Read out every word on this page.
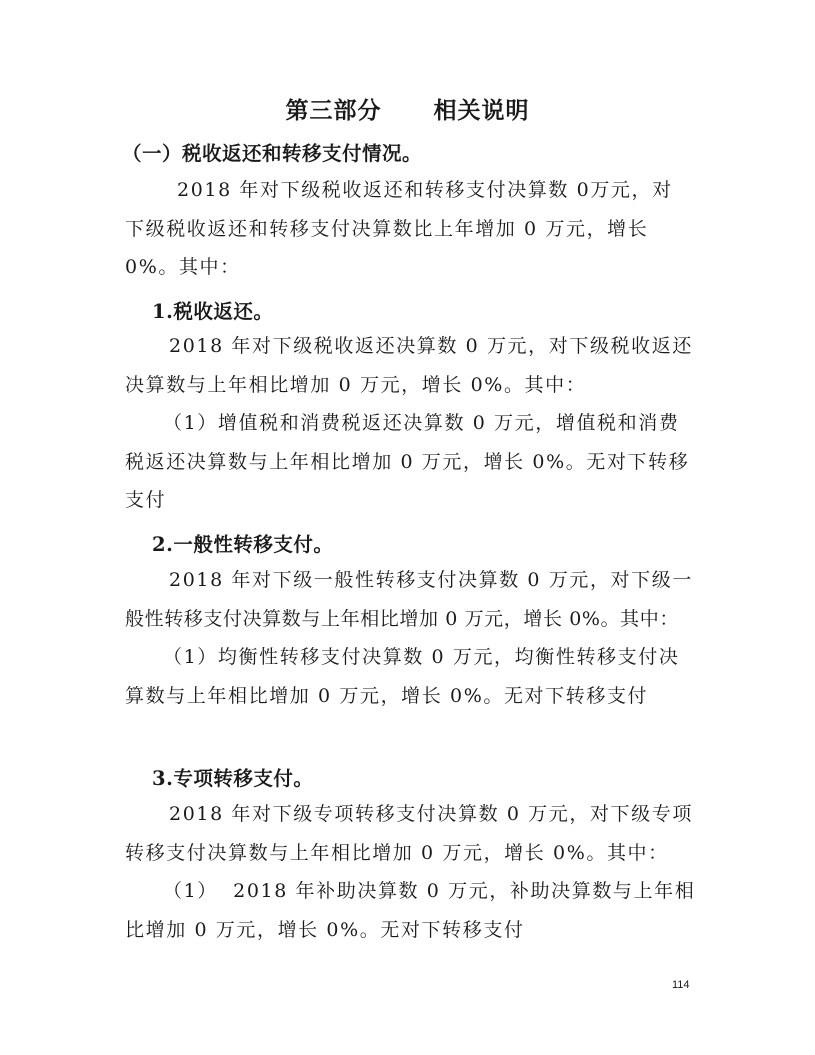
第三部分 相关说明
（一）税收返还和转移支付情况。
2018 年对下级税收返还和转移支付决算数 0万元，对
下级税收返还和转移支付决算数比上年增加 0 万元，增长
0%。其中：
1.税收返还。
2018 年对下级税收返还决算数 0 万元，对下级税收返还
决算数与上年相比增加 0 万元，增长 0%。其中：
（1）增值税和消费税返还决算数 0 万元，增值税和消费
税返还决算数与上年相比增加 0 万元，增长 0%。无对下转移
支付
2.一般性转移支付。
2018 年对下级一般性转移支付决算数 0 万元，对下级一
般性转移支付决算数与上年相比增加 0 万元，增长 0%。其中：
（1）均衡性转移支付决算数 0 万元，均衡性转移支付决
算数与上年相比增加 0 万元，增长 0%。无对下转移支付
3.专项转移支付。
2018 年对下级专项转移支付决算数 0 万元，对下级专项
转移支付决算数与上年相比增加 0 万元，增长 0%。其中：
（1）  2018 年补助决算数 0 万元，补助决算数与上年相
比增加 0 万元，增长 0%。无对下转移支付
114
